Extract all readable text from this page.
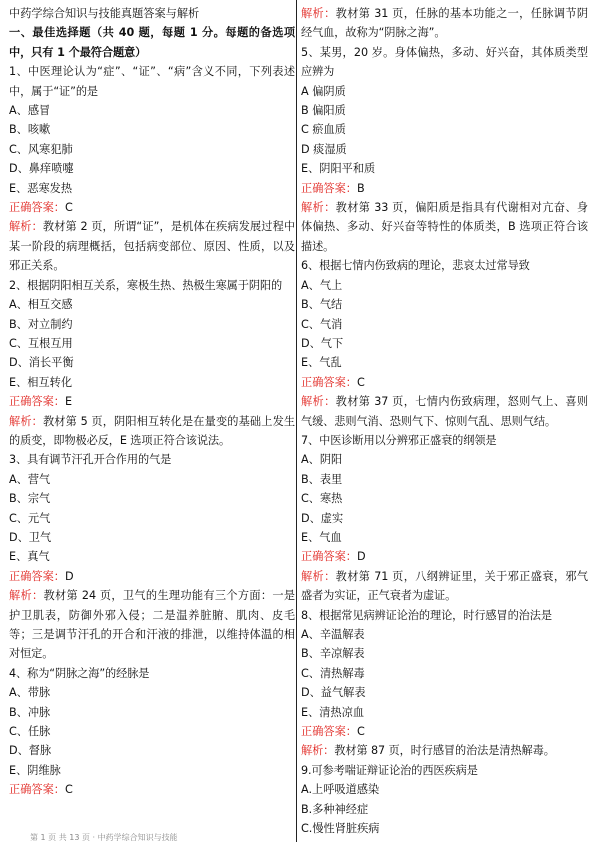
中药学综合知识与技能真题答案与解析
一、最佳选择题（共 40 题，每题 1 分。每题的备选项中，只有 1 个最符合题意）
1、中医理论认为“症”、“证”、“病”含义不同，下列表述中，属于“证”的是
A、感冒
B、咳嗽
C、风寒犯肺
D、鼻痒喷嚏
E、恶寒发热
正确答案：C
解析：教材第 2 页，所谓“证”，是机体在疾病发展过程中某一阶段的病理概括，包括病变部位、原因、性质，以及邪正关系。
2、根据阴阳相互关系，寒极生热、热极生寒属于阴阳的
A、相互交感
B、对立制约
C、互根互用
D、消长平衡
E、相互转化
正确答案：E
解析：教材第 5 页，阴阳相互转化是在量变的基础上发生的质变，即物极必反，E 选项正符合该说法。
3、具有调节汗孔开合作用的气是
A、营气
B、宗气
C、元气
D、卫气
E、真气
正确答案：D
解析：教材第 24 页，卫气的生理功能有三个方面：一是护卫肌表，防御外邪入侵；二是温养脏腑、肌肉、皮毛等；三是调节汗孔的开合和汗液的排泄，以维持体温的相对恒定。
4、称为“阴脉之海”的经脉是
A、带脉
B、冲脉
C、任脉
D、督脉
E、阴维脉
正确答案：C
解析：教材第 31 页，任脉的基本功能之一，任脉调节阴经气血，故称为“阴脉之海”。
5、某男，20 岁。身体偏热，多动、好兴奋，其体质类型应辨为
A 偏阴质
B 偏阳质
C 瘀血质
D 痰湿质
E、阴阳平和质
正确答案：B
解析：教材第 33 页，偏阳质是指具有代谢相对亢奋、身体偏热、多动、好兴奋等特性的体质类，B 选项正符合该描述。
6、根据七情内伤致病的理论，悲哀太过常导致
A、气上
B、气结
C、气消
D、气下
E、气乱
正确答案：C
解析：教材第 37 页，七情内伤致病理，怒则气上、喜则气缓、悲则气消、恐则气下、惊则气乱、思则气结。
7、中医诊断用以分辨邪正盛衰的纲领是
A、阴阳
B、表里
C、寒热
D、虚实
E、气血
正确答案：D
解析：教材第 71 页，八纲辨证里，关于邪正盛衰，邪气盛者为实证，正气衰者为虚证。
8、根据常见病辨证论治的理论，时行感冒的治法是
A、辛温解表
B、辛凉解表
C、清热解毒
D、益气解表
E、清热凉血
正确答案：C
解析：教材第 87 页，时行感冒的治法是清热解毒。
9.可参考喘证辩证论治的西医疾病是
A.上呼吸道感染
B.多种神经症
C.慢性肾脏疾病
第 1 页 共 13 页 · 中药学综合知识与技能
